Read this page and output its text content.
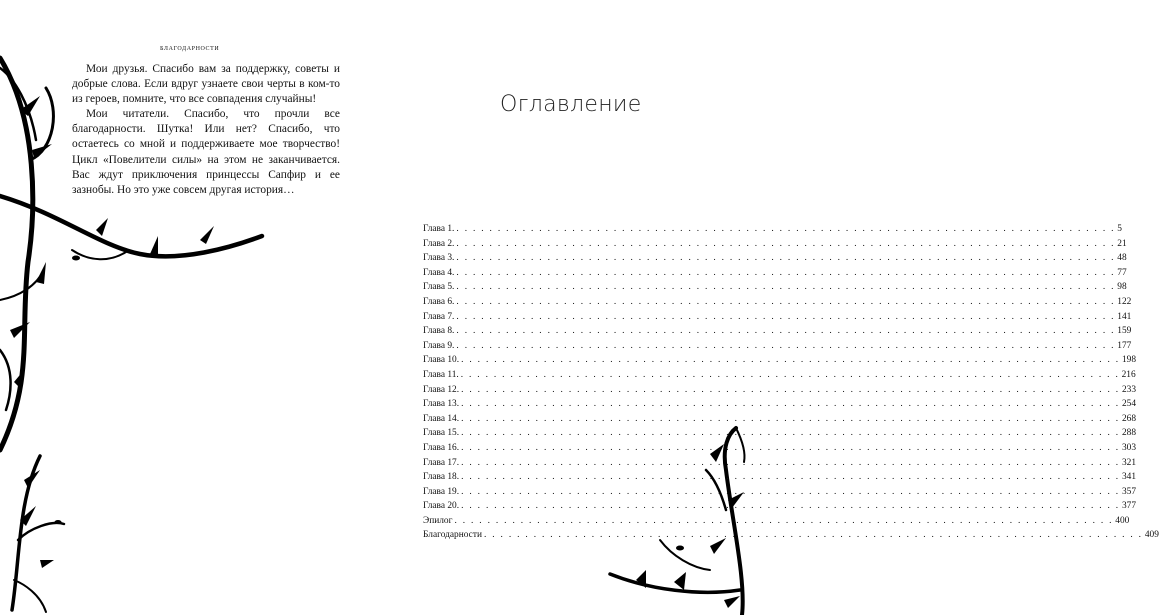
благодарности

Мои друзья. Спасибо вам за поддержку, советы и добрые слова. Если вдруг узнаете свои черты в ком-то из героев, помните, что все совпадения случайны!

Мои читатели. Спасибо, что прочли все благодарности. Шутка! Или нет? Спасибо, что остаетесь со мной и поддерживаете мое творчество! Цикл «Повелители силы» на этом не заканчивается. Вас ждут приключения принцессы Сапфир и ее зазнобы. Но это уже совсем другая история…

Оглавление
Глава 1. . . . . . . . . . . . . . . . . . . . . . . . . . . . . . . . . . . . . . . . . . . . . . . . . . . . . . . . . . . . . . . . . . . . . . . . . . . . . . . . . 5
Глава 2. . . . . . . . . . . . . . . . . . . . . . . . . . . . . . . . . . . . . . . . . . . . . . . . . . . . . . . . . . . . . . . . . . . . . . . . . . . . . . . . . 21
Глава 3. . . . . . . . . . . . . . . . . . . . . . . . . . . . . . . . . . . . . . . . . . . . . . . . . . . . . . . . . . . . . . . . . . . . . . . . . . . . . . . . . 48
Глава 4. . . . . . . . . . . . . . . . . . . . . . . . . . . . . . . . . . . . . . . . . . . . . . . . . . . . . . . . . . . . . . . . . . . . . . . . . . . . . . . . . 77
Глава 5. . . . . . . . . . . . . . . . . . . . . . . . . . . . . . . . . . . . . . . . . . . . . . . . . . . . . . . . . . . . . . . . . . . . . . . . . . . . . . . . . 98
Глава 6. . . . . . . . . . . . . . . . . . . . . . . . . . . . . . . . . . . . . . . . . . . . . . . . . . . . . . . . . . . . . . . . . . . . . . . . . . . . . . . . . 122
Глава 7. . . . . . . . . . . . . . . . . . . . . . . . . . . . . . . . . . . . . . . . . . . . . . . . . . . . . . . . . . . . . . . . . . . . . . . . . . . . . . . . . 141
Глава 8. . . . . . . . . . . . . . . . . . . . . . . . . . . . . . . . . . . . . . . . . . . . . . . . . . . . . . . . . . . . . . . . . . . . . . . . . . . . . . . . . 159
Глава 9. . . . . . . . . . . . . . . . . . . . . . . . . . . . . . . . . . . . . . . . . . . . . . . . . . . . . . . . . . . . . . . . . . . . . . . . . . . . . . . . . 177
Глава 10. . . . . . . . . . . . . . . . . . . . . . . . . . . . . . . . . . . . . . . . . . . . . . . . . . . . . . . . . . . . . . . . . . . . . . . . . . . . . . . . . 198
Глава 11. . . . . . . . . . . . . . . . . . . . . . . . . . . . . . . . . . . . . . . . . . . . . . . . . . . . . . . . . . . . . . . . . . . . . . . . . . . . . . . . . 216
Глава 12. . . . . . . . . . . . . . . . . . . . . . . . . . . . . . . . . . . . . . . . . . . . . . . . . . . . . . . . . . . . . . . . . . . . . . . . . . . . . . . . . 233
Глава 13. . . . . . . . . . . . . . . . . . . . . . . . . . . . . . . . . . . . . . . . . . . . . . . . . . . . . . . . . . . . . . . . . . . . . . . . . . . . . . . . . 254
Глава 14. . . . . . . . . . . . . . . . . . . . . . . . . . . . . . . . . . . . . . . . . . . . . . . . . . . . . . . . . . . . . . . . . . . . . . . . . . . . . . . . . 268
Глава 15. . . . . . . . . . . . . . . . . . . . . . . . . . . . . . . . . . . . . . . . . . . . . . . . . . . . . . . . . . . . . . . . . . . . . . . . . . . . . . . . . 288
Глава 16. . . . . . . . . . . . . . . . . . . . . . . . . . . . . . . . . . . . . . . . . . . . . . . . . . . . . . . . . . . . . . . . . . . . . . . . . . . . . . . . . 303
Глава 17. . . . . . . . . . . . . . . . . . . . . . . . . . . . . . . . . . . . . . . . . . . . . . . . . . . . . . . . . . . . . . . . . . . . . . . . . . . . . . . . . 321
Глава 18. . . . . . . . . . . . . . . . . . . . . . . . . . . . . . . . . . . . . . . . . . . . . . . . . . . . . . . . . . . . . . . . . . . . . . . . . . . . . . . . . 341
Глава 19. . . . . . . . . . . . . . . . . . . . . . . . . . . . . . . . . . . . . . . . . . . . . . . . . . . . . . . . . . . . . . . . . . . . . . . . . . . . . . . . . 357
Глава 20. . . . . . . . . . . . . . . . . . . . . . . . . . . . . . . . . . . . . . . . . . . . . . . . . . . . . . . . . . . . . . . . . . . . . . . . . . . . . . . . . 377
Эпилог . . . . . . . . . . . . . . . . . . . . . . . . . . . . . . . . . . . . . . . . . . . . . . . . . . . . . . . . . . . . . . . . . . . . . . . . . . . . . . . . 400
Благодарности . . . . . . . . . . . . . . . . . . . . . . . . . . . . . . . . . . . . . . . . . . . . . . . . . . . . . . . . . . . . . . . . . . . . . . . . . . . . . . . . 409
